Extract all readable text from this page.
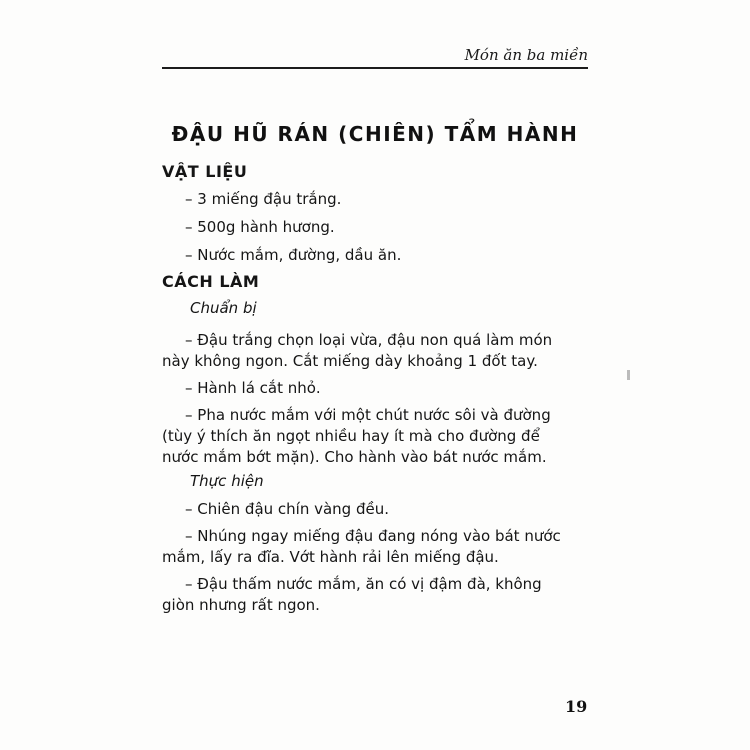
Món ăn ba miền
ĐẬU HŨ RÁN (CHIÊN) TẨM HÀNH
VẬT LIỆU
– 3 miếng đậu trắng.
– 500g hành hương.
– Nước mắm, đường, dầu ăn.
CÁCH LÀM
Chuẩn bị
– Đậu trắng chọn loại vừa, đậu non quá làm món
này không ngon. Cắt miếng dày khoảng 1 đốt tay.
– Hành lá cắt nhỏ.
– Pha nước mắm với một chút nước sôi và đường
(tùy ý thích ăn ngọt nhiều hay ít mà cho đường để
nước mắm bớt mặn). Cho hành vào bát nước mắm.
Thực hiện
– Chiên đậu chín vàng đều.
– Nhúng ngay miếng đậu đang nóng vào bát nước
mắm, lấy ra đĩa. Vớt hành rải lên miếng đậu.
– Đậu thấm nước mắm, ăn có vị đậm đà, không
giòn nhưng rất ngon.
19
